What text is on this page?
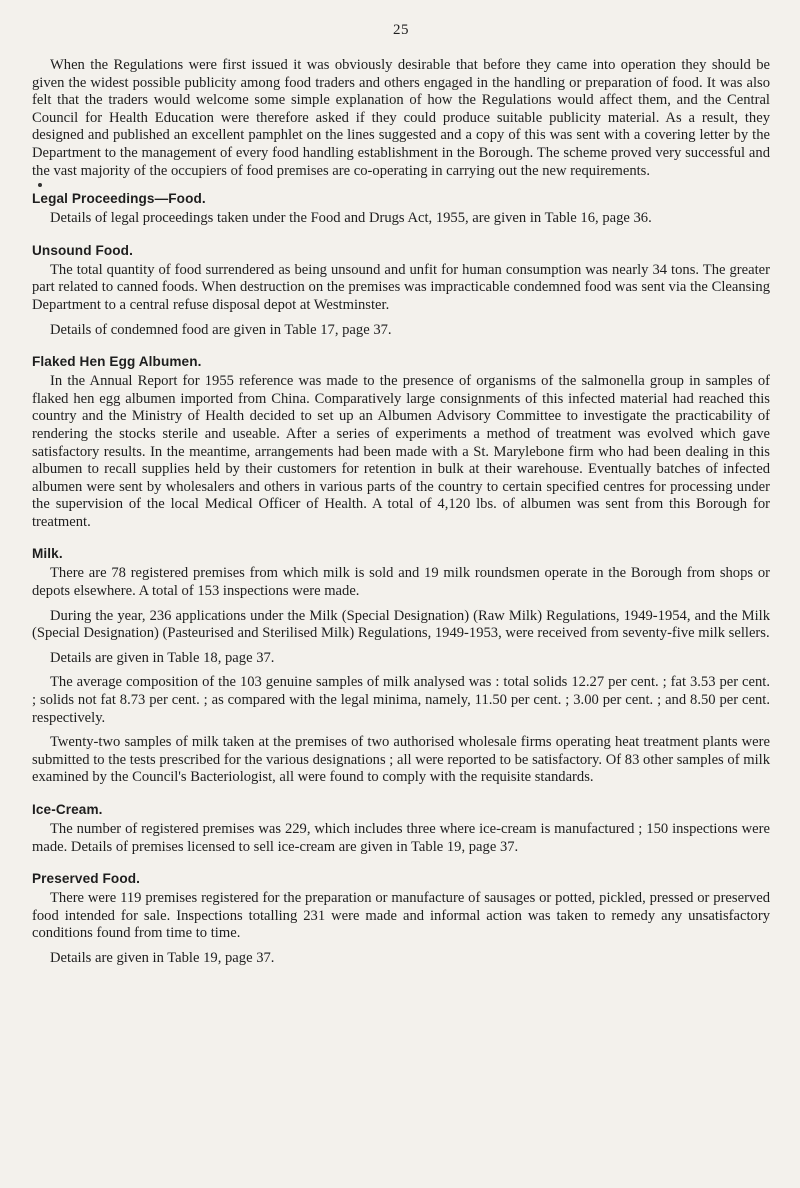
25

When the Regulations were first issued it was obviously desirable that before they came into operation they should be given the widest possible publicity among food traders and others engaged in the handling or preparation of food. It was also felt that the traders would welcome some simple explanation of how the Regulations would affect them, and the Central Council for Health Education were therefore asked if they could produce suitable publicity material. As a result, they designed and published an excellent pamphlet on the lines suggested and a copy of this was sent with a covering letter by the Department to the management of every food handling establishment in the Borough. The scheme proved very successful and the vast majority of the occupiers of food premises are co-operating in carrying out the new requirements.

Legal Proceedings—Food.

Details of legal proceedings taken under the Food and Drugs Act, 1955, are given in Table 16, page 36.

Unsound Food.

The total quantity of food surrendered as being unsound and unfit for human consumption was nearly 34 tons. The greater part related to canned foods. When destruction on the premises was impracticable condemned food was sent via the Cleansing Department to a central refuse disposal depot at Westminster.

Details of condemned food are given in Table 17, page 37.

Flaked Hen Egg Albumen.

In the Annual Report for 1955 reference was made to the presence of organisms of the salmonella group in samples of flaked hen egg albumen imported from China. Comparatively large consignments of this infected material had reached this country and the Ministry of Health decided to set up an Albumen Advisory Committee to investigate the practicability of rendering the stocks sterile and useable. After a series of experiments a method of treatment was evolved which gave satisfactory results. In the meantime, arrangements had been made with a St. Marylebone firm who had been dealing in this albumen to recall supplies held by their customers for retention in bulk at their warehouse. Eventually batches of infected albumen were sent by wholesalers and others in various parts of the country to certain specified centres for processing under the supervision of the local Medical Officer of Health. A total of 4,120 lbs. of albumen was sent from this Borough for treatment.

Milk.

There are 78 registered premises from which milk is sold and 19 milk roundsmen operate in the Borough from shops or depots elsewhere. A total of 153 inspections were made.

During the year, 236 applications under the Milk (Special Designation) (Raw Milk) Regulations, 1949-1954, and the Milk (Special Designation) (Pasteurised and Sterilised Milk) Regulations, 1949-1953, were received from seventy-five milk sellers.

Details are given in Table 18, page 37.

The average composition of the 103 genuine samples of milk analysed was : total solids 12.27 per cent. ; fat 3.53 per cent. ; solids not fat 8.73 per cent. ; as compared with the legal minima, namely, 11.50 per cent. ; 3.00 per cent. ; and 8.50 per cent. respectively.

Twenty-two samples of milk taken at the premises of two authorised wholesale firms operating heat treatment plants were submitted to the tests prescribed for the various designations ; all were reported to be satisfactory. Of 83 other samples of milk examined by the Council's Bacteriologist, all were found to comply with the requisite standards.

Ice-Cream.

The number of registered premises was 229, which includes three where ice-cream is manufactured ; 150 inspections were made. Details of premises licensed to sell ice-cream are given in Table 19, page 37.

Preserved Food.

There were 119 premises registered for the preparation or manufacture of sausages or potted, pickled, pressed or preserved food intended for sale. Inspections totalling 231 were made and informal action was taken to remedy any unsatisfactory conditions found from time to time.

Details are given in Table 19, page 37.
